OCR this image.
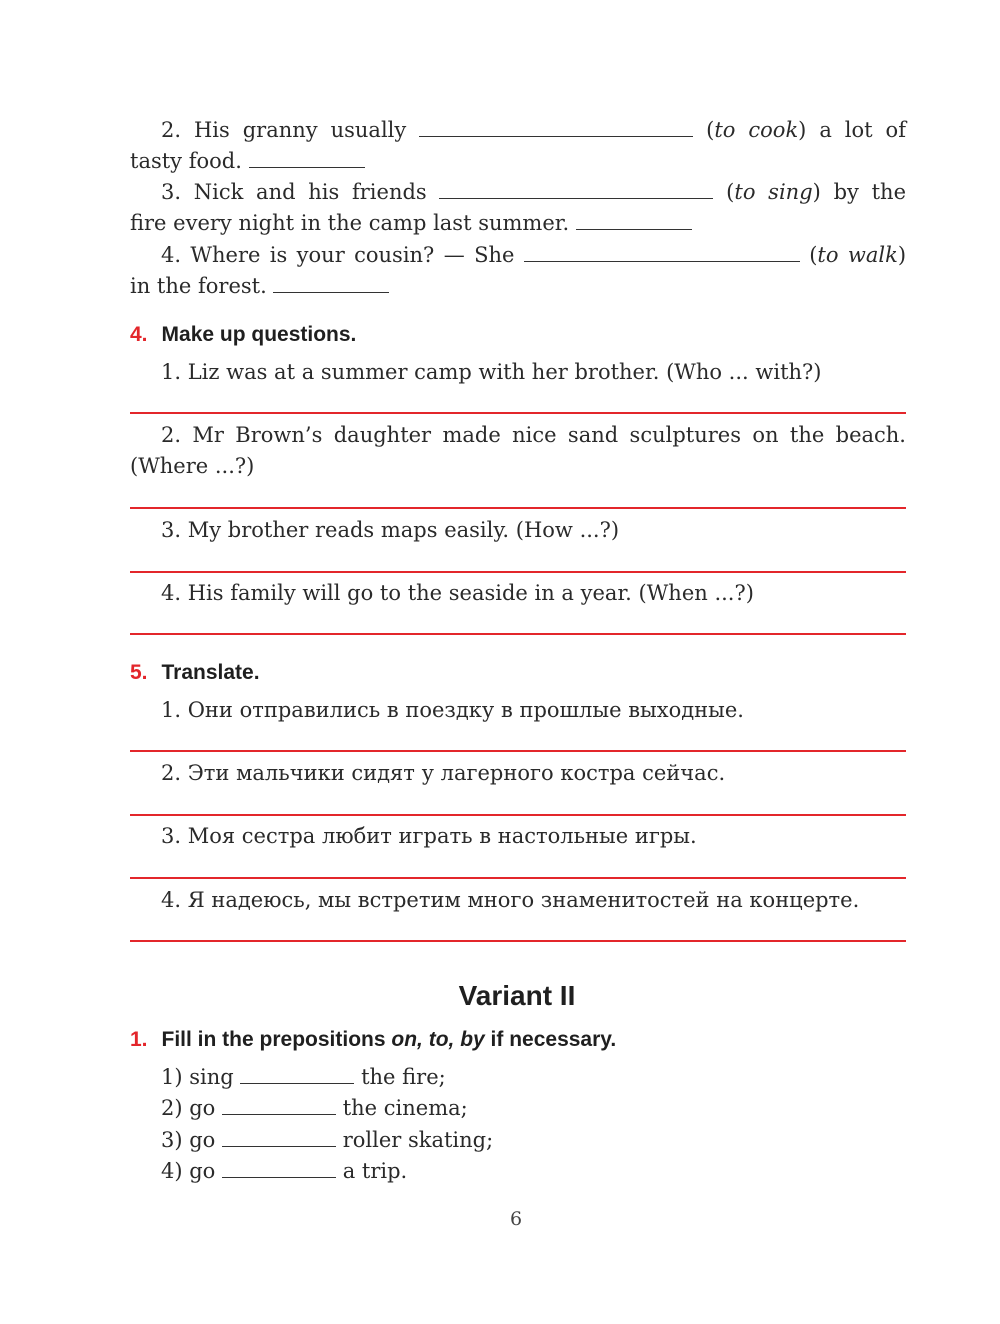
2. His granny usually	(to cook) a lot of
tasty food.
3. Nick and his friends	(to sing) by the
fire every night in the camp last summer.
4. Where is your cousin? — She	(to walk)
in the forest.
4. Make up questions.
1. Liz was at a summer camp with her brother. (Who ... with?)
2. Mr Brown’s daughter made nice sand sculptures on the beach.
(Where ...?)
3. My brother reads maps easily. (How ...?)
4. His family will go to the seaside in a year. (When ...?)
5. Translate.
1. Они отправились в поездку в прошлые выходные.
2. Эти мальчики сидят у лагерного костра сейчас.
3. Моя сестра любит играть в настольные игры.
4. Я надеюсь, мы встретим много знаменитостей на концерте.
Variant II
1. Fill in the prepositions on, to, by if necessary.
1) sing	the fire;
2) go	the cinema;
3) go	roller skating;
4) go	a trip.
6
